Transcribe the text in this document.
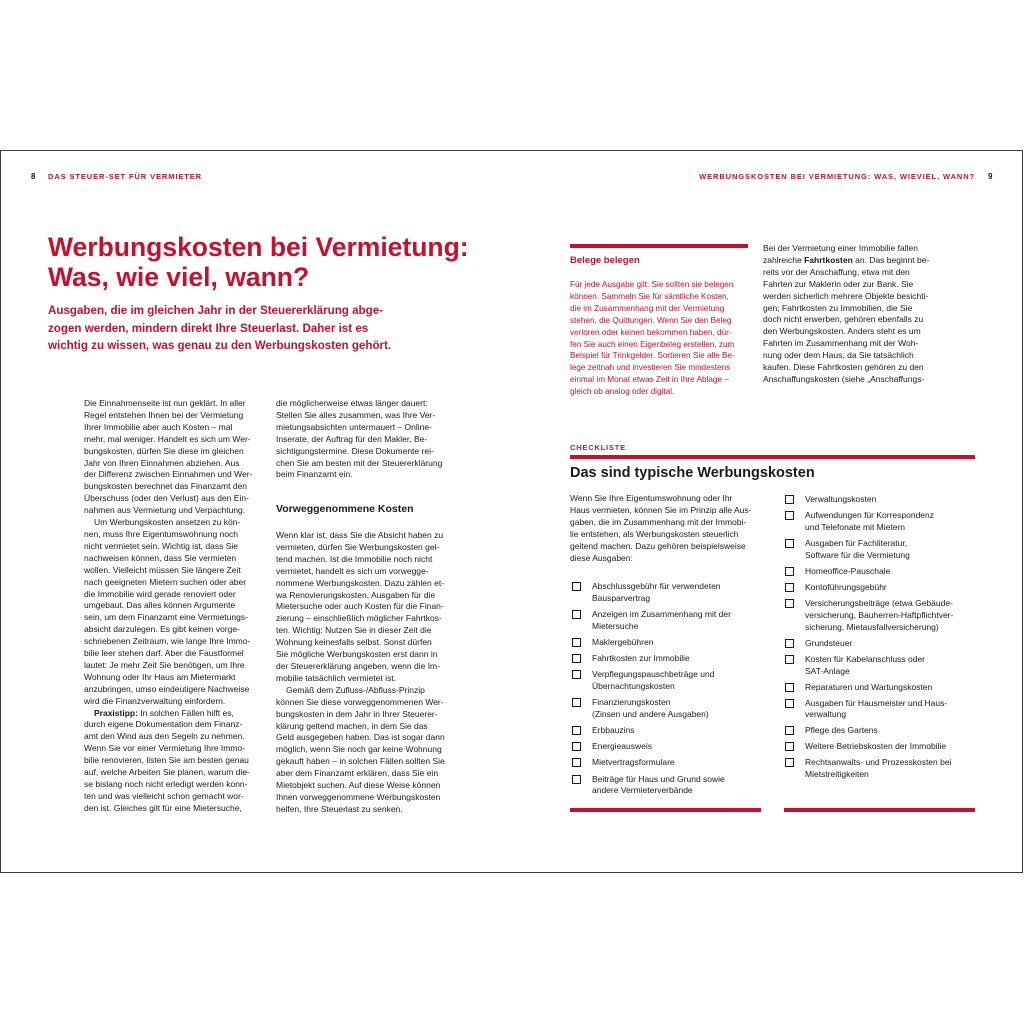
8 DAS STEUER-SET FÜR VERMIETER	WERBUNGSKOSTEN BEI VERMIETUNG: WAS, WIEVIEL, WANN? 9
Werbungskosten bei Vermietung:
Was, wie viel, wann?
Ausgaben, die im gleichen Jahr in der Steuererklärung abge-
zogen werden, mindern direkt Ihre Steuerlast. Daher ist es
wichtig zu wissen, was genau zu den Werbungskosten gehört.
Die Einnahmenseite ist nun geklärt. In aller
Regel entstehen Ihnen bei der Vermietung
Ihrer Immobilie aber auch Kosten – mal
mehr, mal weniger. Handelt es sich um Wer-
bungskosten, dürfen Sie diese im gleichen
Jahr von Ihren Einnahmen abziehen. Aus
der Differenz zwischen Einnahmen und Wer-
bungskosten berechnet das Finanzamt den
Überschuss (oder den Verlust) aus den Ein-
nahmen aus Vermietung und Verpachtung.
Um Werbungskosten ansetzen zu kön-
nen, muss Ihre Eigentumswohnung noch
nicht vermietet sein. Wichtig ist, dass Sie
nachweisen können, dass Sie vermieten
wollen. Vielleicht müssen Sie längere Zeit
nach geeigneten Mietern suchen oder aber
die Immobilie wird gerade renoviert oder
umgebaut. Das alles können Argumente
sein, um dem Finanzamt eine Vermietungs-
absicht darzulegen. Es gibt keinen vorge-
schriebenen Zeitraum, wie lange Ihre Immo-
bilie leer stehen darf. Aber die Faustformel
lautet: Je mehr Zeit Sie benötigen, um Ihre
Wohnung oder Ihr Haus am Mietermarkt
anzubringen, umso eindeutigere Nachweise
wird die Finanzverwaltung einfordern.
Praxistipp: In solchen Fällen hilft es,
durch eigene Dokumentation dem Finanz-
amt den Wind aus den Segeln zu nehmen.
Wenn Sie vor einer Vermietung Ihre Immo-
bilie renovieren, listen Sie am besten genau
auf, welche Arbeiten Sie planen, warum die-
se bislang noch nicht erledigt werden konn-
ten und was vielleicht schon gemacht wor-
den ist. Gleiches gilt für eine Mietersuche,
die möglicherweise etwas länger dauert:
Stellen Sie alles zusammen, was Ihre Ver-
mietungsabsichten untermauert – Online-
Inserate, der Auftrag für den Makler, Be-
sichtigungstermine. Diese Dokumente rei-
chen Sie am besten mit der Steuererklärung
beim Finanzamt ein.
Vorweggenommene Kosten
Wenn klar ist, dass Sie die Absicht haben zu
vermieten, dürfen Sie Werbungskosten gel-
tend machen. Ist die Immobilie noch nicht
vermietet, handelt es sich um vorwegge-
nommene Werbungskosten. Dazu zählen et-
wa Renovierungskosten, Ausgaben für die
Mietersuche oder auch Kosten für die Finan-
zierung – einschließlich möglicher Fahrtkos-
ten. Wichtig: Nutzen Sie in dieser Zeit die
Wohnung keinesfalls selbst. Sonst dürfen
Sie mögliche Werbungskosten erst dann in
der Steuererklärung angeben, wenn die Im-
mobilie tatsächlich vermietet ist.
Gemäß dem Zufluss-/Abfluss-Prinzip
können Sie diese vorweggenommenen Wer-
bungskosten in dem Jahr in Ihrer Steuerer-
klärung geltend machen, in dem Sie das
Geld ausgegeben haben. Das ist sogar dann
möglich, wenn Sie noch gar keine Wohnung
gekauft haben – in solchen Fällen sollten Sie
aber dem Finanzamt erklären, dass Sie ein
Mietobjekt suchen. Auf diese Weise können
Ihnen vorweggenommene Werbungskosten
helfen, Ihre Steuerlast zu senken.
Belege belegen
Für jede Ausgabe gilt: Sie sollten sie belegen
können. Sammeln Sie für sämtliche Kosten,
die im Zusammenhang mit der Vermietung
stehen, die Quittungen. Wenn Sie den Beleg
verloren oder keinen bekommen haben, dür-
fen Sie auch einen Eigenbeleg erstellen, zum
Beispiel für Trinkgelder. Sortieren Sie alle Be-
lege zeitnah und investieren Sie mindestens
einmal im Monat etwas Zeit in Ihre Ablage –
gleich ob analog oder digital.
Bei der Vermietung einer Immobilie fallen
zahlreiche Fahrtkosten an. Das beginnt be-
reits vor der Anschaffung, etwa mit den
Fahrten zur Maklerin oder zur Bank. Sie
werden sicherlich mehrere Objekte besichti-
gen; Fahrtkosten zu Immobilien, die Sie
doch nicht erwerben, gehören ebenfalls zu
den Werbungskosten. Anders steht es um
Fahrten im Zusammenhang mit der Woh-
nung oder dem Haus, da Sie tatsächlich
kaufen. Diese Fahrtkosten gehören zu den
Anschaffungskosten (siehe „Anschaffungs-
CHECKLISTE
Das sind typische Werbungskosten
Wenn Sie Ihre Eigentumswohnung oder Ihr
Haus vermieten, können Sie im Prinzip alle Aus-
gaben, die im Zusammenhang mit der Immobi-
lie entstehen, als Werbungskosten steuerlich
geltend machen. Dazu gehören beispielsweise
diese Ausgaben:
Abschlussgebühr für verwendeten
Bausparvertrag
Anzeigen im Zusammenhang mit der
Mietersuche
Maklergebühren
Fahrtkosten zur Immobilie
Verpflegungspauschbeträge und
Übernachtungskosten
Finanzierungskosten
(Zinsen und andere Ausgaben)
Erbbauzins
Energieausweis
Mietvertragsformulare
Beiträge für Haus und Grund sowie
andere Vermieterverbände
Verwaltungskosten
Aufwendungen für Korrespondenz
und Telefonate mit Mietern
Ausgaben für Fachliteratur,
Software für die Vermietung
Homeoffice-Pauschale
Kontoführungsgebühr
Versicherungsbeiträge (etwa Gebäude-
versicherung, Bauherren-Haftpflichtver-
sicherung, Mietausfallversicherung)
Grundsteuer
Kosten für Kabelanschluss oder
SAT-Anlage
Reparaturen und Wartungskosten
Ausgaben für Hausmeister und Haus-
verwaltung
Pflege des Gartens
Weitere Betriebskosten der Immobilie
Rechtsanwalts- und Prozesskosten bei
Mietstreitigkeiten
